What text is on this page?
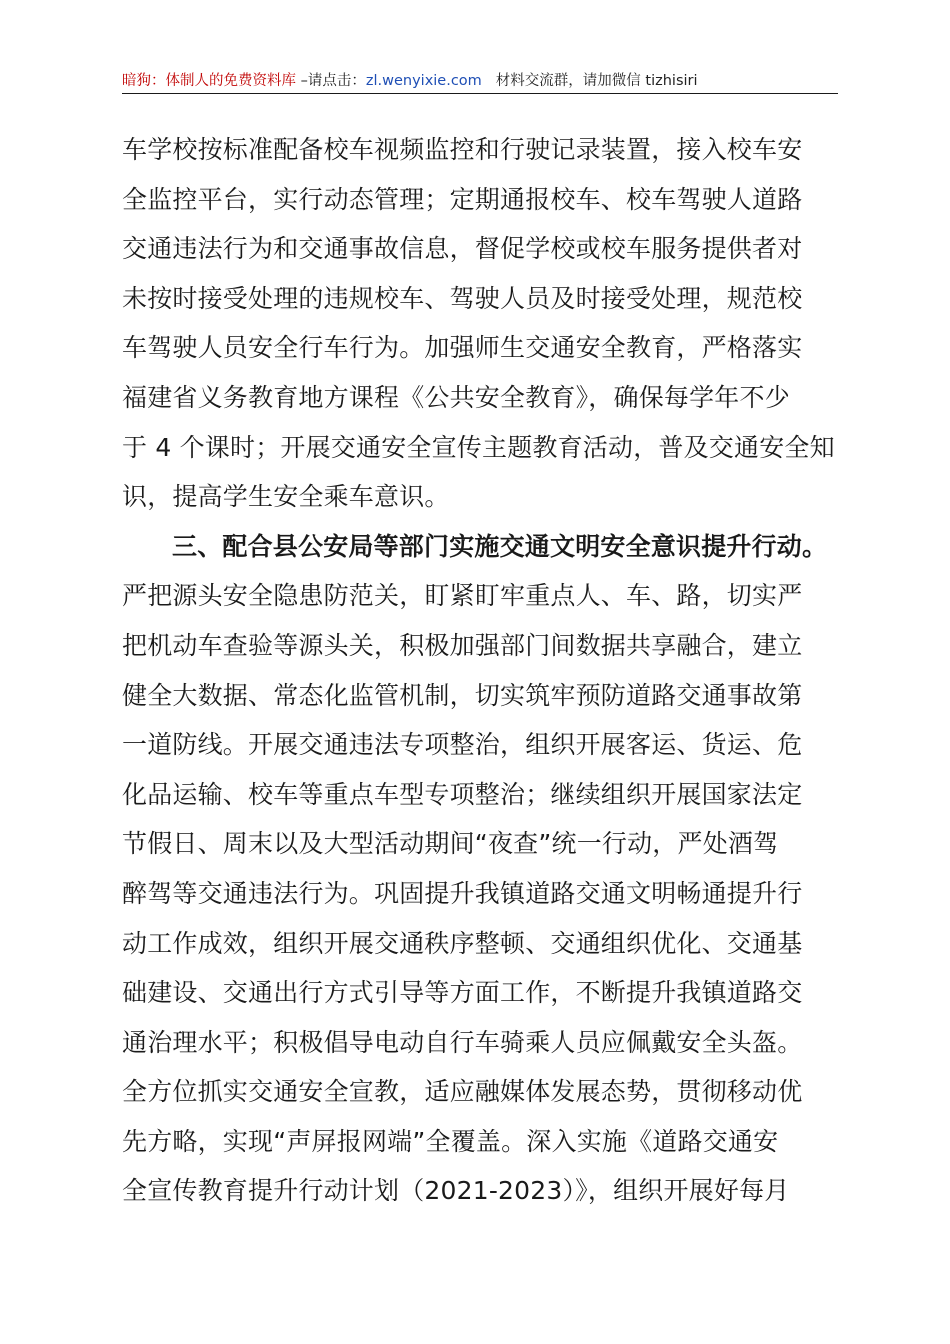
暗狗：体制人的免费资料库 –请点击：zl.wenyixie.com 材料交流群，请加微信 tizhisiri
车学校按标准配备校车视频监控和行驶记录装置，接入校车安
全监控平台，实行动态管理；定期通报校车、校车驾驶人道路
交通违法行为和交通事故信息，督促学校或校车服务提供者对
未按时接受处理的违规校车、驾驶人员及时接受处理，规范校
车驾驶人员安全行车行为。加强师生交通安全教育，严格落实
福建省义务教育地方课程《公共安全教育》，确保每学年不少
于 4 个课时；开展交通安全宣传主题教育活动，普及交通安全知
识，提高学生安全乘车意识。
三、配合县公安局等部门实施交通文明安全意识提升行动。
严把源头安全隐患防范关，盯紧盯牢重点人、车、路，切实严
把机动车查验等源头关，积极加强部门间数据共享融合，建立
健全大数据、常态化监管机制，切实筑牢预防道路交通事故第
一道防线。开展交通违法专项整治，组织开展客运、货运、危
化品运输、校车等重点车型专项整治；继续组织开展国家法定
节假日、周末以及大型活动期间“夜查”统一行动，严处酒驾
醉驾等交通违法行为。巩固提升我镇道路交通文明畅通提升行
动工作成效，组织开展交通秩序整顿、交通组织优化、交通基
础建设、交通出行方式引导等方面工作，不断提升我镇道路交
通治理水平；积极倡导电动自行车骑乘人员应佩戴安全头盔。
全方位抓实交通安全宣教，适应融媒体发展态势，贯彻移动优
先方略，实现“声屏报网端”全覆盖。深入实施《道路交通安
全宣传教育提升行动计划（2021-2023）》，组织开展好每月
